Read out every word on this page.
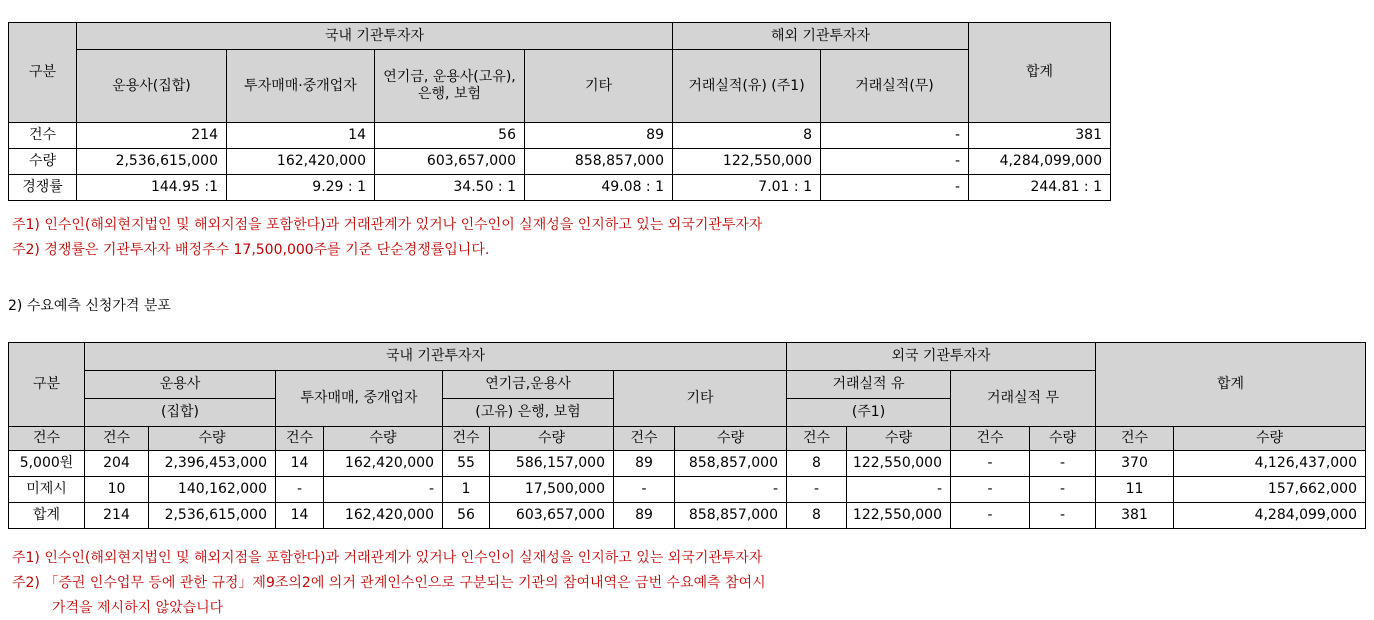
구분	국내 기관투자자				해외 기관투자자		합계
	운용사(집합)	투자매매·중개업자	연기금, 운용사(고유), 은행, 보험	기타	거래실적(유) (주1)	거래실적(무)	
건수	214	14	56	89	8	-	381
수량	2,536,615,000	162,420,000	603,657,000	858,857,000	122,550,000	-	4,284,099,000
경쟁률	144.95 :1	9.29 : 1	34.50 : 1	49.08 : 1	7.01 : 1	-	244.81 : 1
주1) 인수인(해외현지법인 및 해외지점을 포함한다)과 거래관계가 있거나 인수인이 실재성을 인지하고 있는 외국기관투자자
주2) 경쟁률은 기관투자자 배정주수 17,500,000주를 기준 단순경쟁률입니다.
2) 수요예측 신청가격 분포
구분	국내 기관투자자								외국 기관투자자				합계	
	운용사		투자매매, 중개업자		연기금,운용사		기타		거래실적 유		거래실적 무			
	(집합)				(고유) 은행, 보험				(주1)					
건수	건수	수량	건수	수량	건수	수량	건수	수량	건수	수량	건수	수량	건수	수량
5,000원	204	2,396,453,000	14	162,420,000	55	586,157,000	89	858,857,000	8	122,550,000	-	-	370	4,126,437,000
미제시	10	140,162,000	-	-	1	17,500,000	-	-	-	-	-	-	11	157,662,000
합계	214	2,536,615,000	14	162,420,000	56	603,657,000	89	858,857,000	8	122,550,000	-	-	381	4,284,099,000
주1) 인수인(해외현지법인 및 해외지점을 포함한다)과 거래관계가 있거나 인수인이 실재성을 인지하고 있는 외국기관투자자
주2) 「증권 인수업무 등에 관한 규정」제9조의2에 의거 관계인수인으로 구분되는 기관의 참여내역은 금번 수요예측 참여시
가격을 제시하지 않았습니다
